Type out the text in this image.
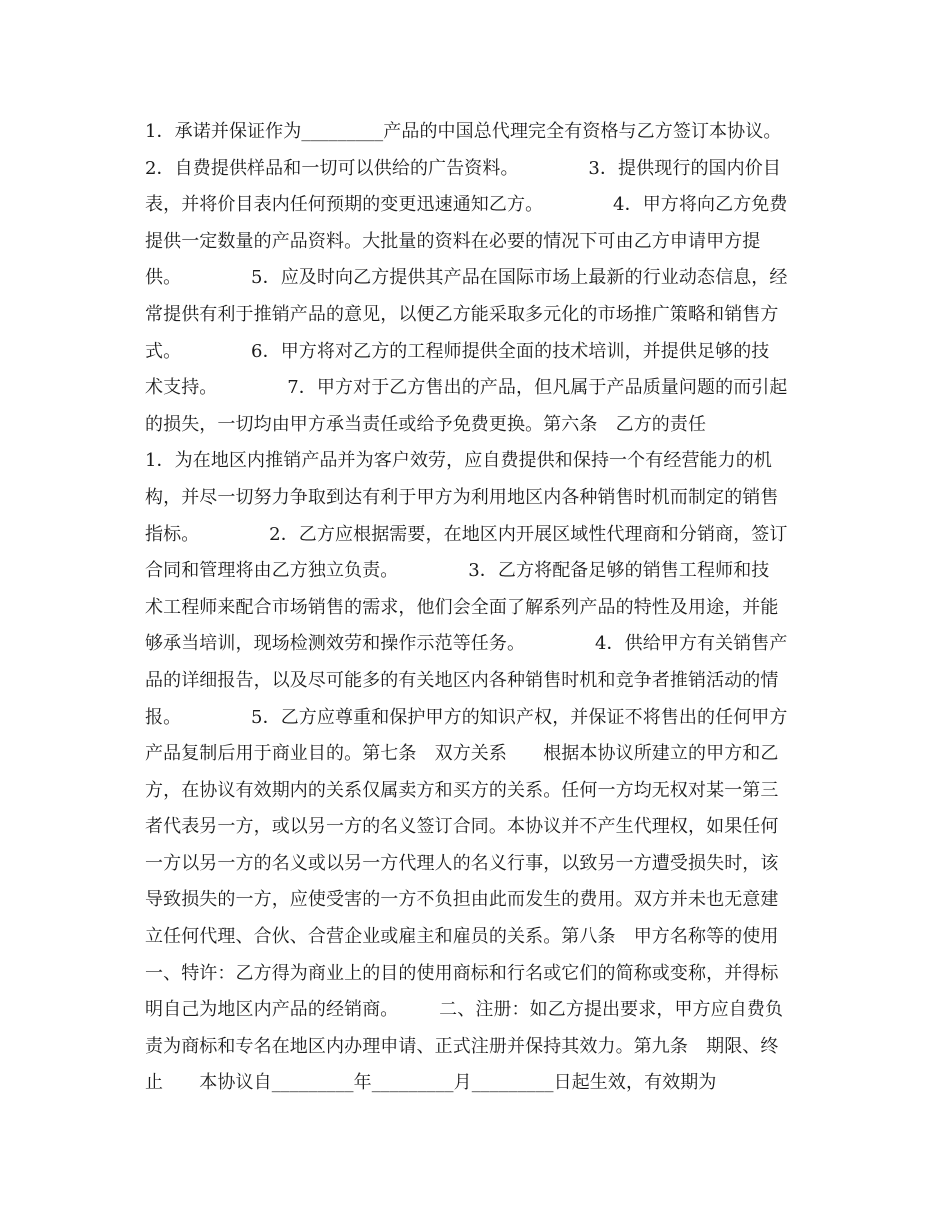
1．承诺并保证作为_________产品的中国总代理完全有资格与乙方签订本协议。
2．自费提供样品和一切可以供给的广告资料。            3．提供现行的国内价目
表，并将价目表内任何预期的变更迅速通知乙方。            4．甲方将向乙方免费
提供一定数量的产品资料。大批量的资料在必要的情况下可由乙方申请甲方提
供。            5．应及时向乙方提供其产品在国际市场上最新的行业动态信息，经
常提供有利于推销产品的意见，以便乙方能采取多元化的市场推广策略和销售方
式。            6．甲方将对乙方的工程师提供全面的技术培训，并提供足够的技
术支持。            7．甲方对于乙方售出的产品，但凡属于产品质量问题的而引起
的损失，一切均由甲方承当责任或给予免费更换。第六条　乙方的责任
1．为在地区内推销产品并为客户效劳，应自费提供和保持一个有经营能力的机
构，并尽一切努力争取到达有利于甲方为利用地区内各种销售时机而制定的销售
指标。            2．乙方应根据需要，在地区内开展区域性代理商和分销商，签订
合同和管理将由乙方独立负责。            3．乙方将配备足够的销售工程师和技
术工程师来配合市场销售的需求，他们会全面了解系列产品的特性及用途，并能
够承当培训，现场检测效劳和操作示范等任务。            4．供给甲方有关销售产
品的详细报告，以及尽可能多的有关地区内各种销售时机和竞争者推销活动的情
报。            5．乙方应尊重和保护甲方的知识产权，并保证不将售出的任何甲方
产品复制后用于商业目的。第七条　双方关系　　根据本协议所建立的甲方和乙
方，在协议有效期内的关系仅属卖方和买方的关系。任何一方均无权对某一第三
者代表另一方，或以另一方的名义签订合同。本协议并不产生代理权，如果任何
一方以另一方的名义或以另一方代理人的名义行事，以致另一方遭受损失时，该
导致损失的一方，应使受害的一方不负担由此而发生的费用。双方并未也无意建
立任何代理、合伙、合营企业或雇主和雇员的关系。第八条　甲方名称等的使用
一、特许：乙方得为商业上的目的使用商标和行名或它们的简称或变称，并得标
明自己为地区内产品的经销商。       二、注册：如乙方提出要求，甲方应自费负
责为商标和专名在地区内办理申请、正式注册并保持其效力。第九条　期限、终
止　　本协议自_________年_________月_________日起生效，有效期为
